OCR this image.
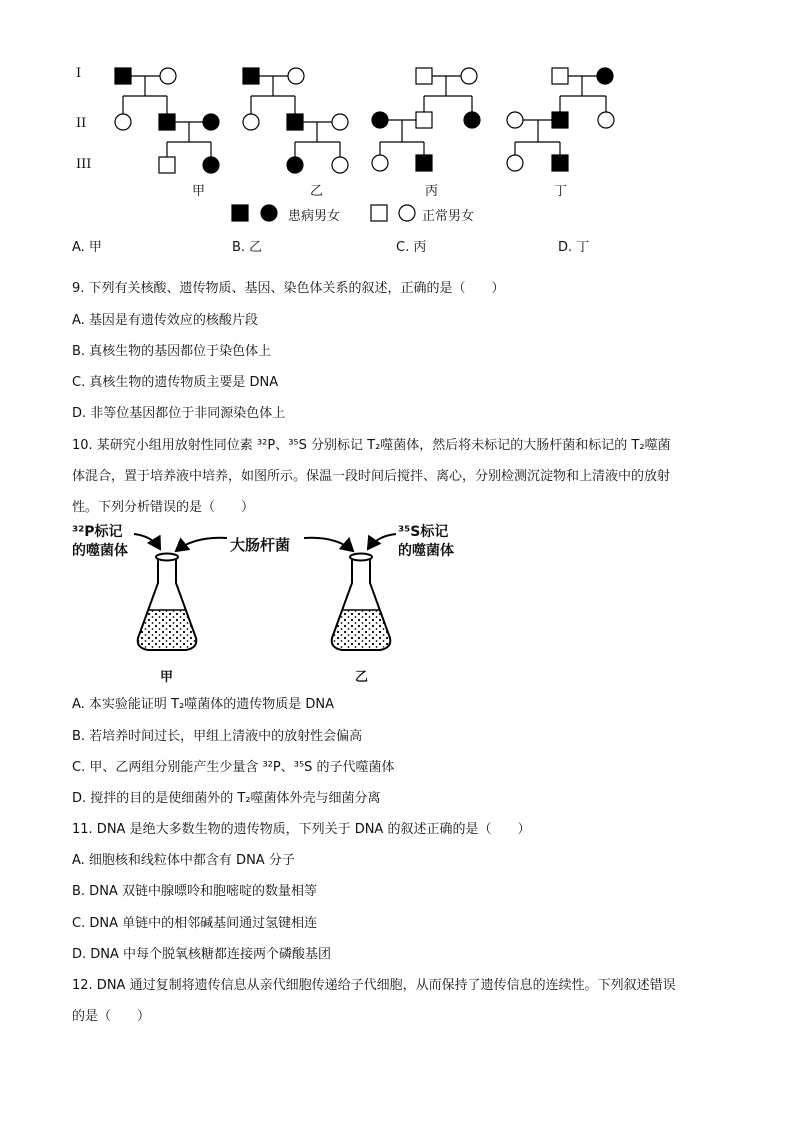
I
II
III
甲	乙	丙	丁
患病男女	正常男女
A. 甲	B. 乙	C. 丙	D. 丁
9. 下列有关核酸、遗传物质、基因、染色体关系的叙述，正确的是（　　）
A. 基因是有遗传效应的核酸片段
B. 真核生物的基因都位于染色体上
C. 真核生物的遗传物质主要是 DNA
D. 非等位基因都位于非同源染色体上
10. 某研究小组用放射性同位素 ³²P、³⁵S 分别标记 T₂噬菌体，然后将未标记的大肠杆菌和标记的 T₂噬菌
体混合，置于培养液中培养，如图所示。保温一段时间后搅拌、离心，分别检测沉淀物和上清液中的放射
性。下列分析错误的是（　　）
³²P标记
的噬菌体	大肠杆菌
³⁵S标记
的噬菌体
甲	乙
A. 本实验能证明 T₂噬菌体的遗传物质是 DNA
B. 若培养时间过长，甲组上清液中的放射性会偏高
C. 甲、乙两组分别能产生少量含 ³²P、³⁵S 的子代噬菌体
D. 搅拌的目的是使细菌外的 T₂噬菌体外壳与细菌分离
11. DNA 是绝大多数生物的遗传物质，下列关于 DNA 的叙述正确的是（　　）
A. 细胞核和线粒体中都含有 DNA 分子
B. DNA 双链中腺嘌呤和胞嘧啶的数量相等
C. DNA 单链中的相邻碱基间通过氢键相连
D. DNA 中每个脱氧核糖都连接两个磷酸基团
12. DNA 通过复制将遗传信息从亲代细胞传递给子代细胞，从而保持了遗传信息的连续性。下列叙述错误
的是（　　）
